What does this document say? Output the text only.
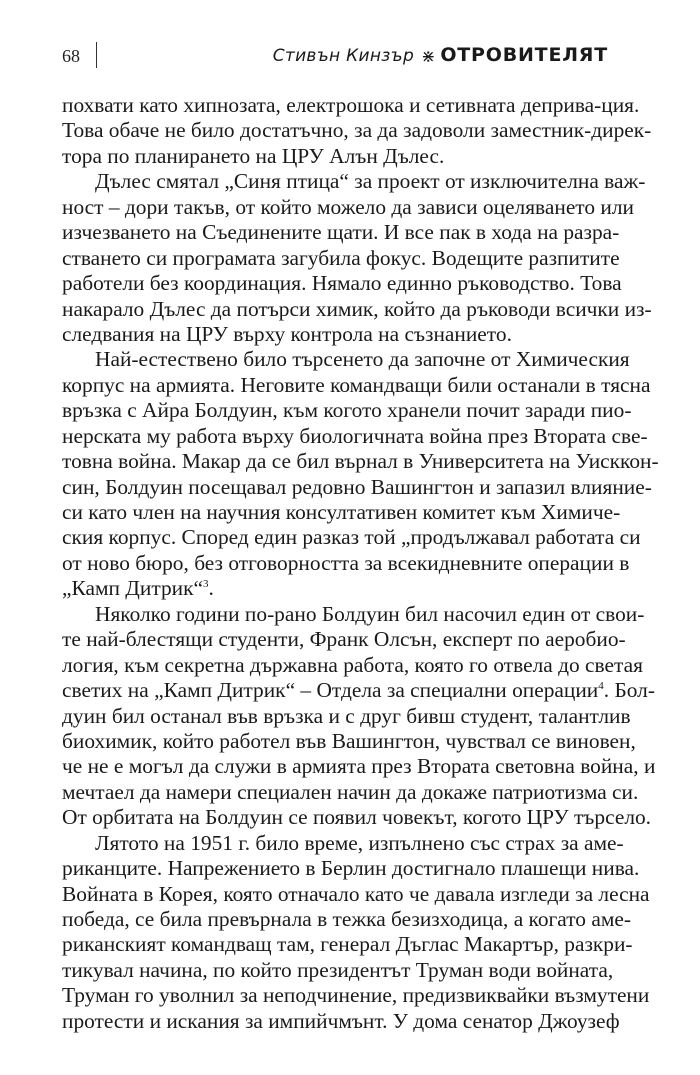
68	Стивън Кинзър ⋇ ОТРОВИТЕЛЯТ
похвати като хипнозата, електрошока и сетивната деприва-ция.
Това обаче не било достатъчно, за да задоволи заместник-дирек-
тора по планирането на ЦРУ Алън Дълес.
Дълес смятал „Синя птица“ за проект от изключителна важ-
ност – дори такъв, от който можело да зависи оцеляването или
изчезването на Съединените щати. И все пак в хода на разра-
стването си програмата загубила фокус. Водещите разпитите
работели без координация. Нямало единно ръководство. Това
накарало Дълес да потърси химик, който да ръководи всички из-
следвания на ЦРУ върху контрола на съзнанието.
Най-естествено било търсенето да започне от Химическия
корпус на армията. Неговите командващи били останали в тясна
връзка с Айра Болдуин, към когото хранели почит заради пио-
нерската му работа върху биологичната война през Втората све-
товна война. Макар да се бил върнал в Университета на Уисккон-
син, Болдуин посещавал редовно Вашингтон и запазил влияние-
си като член на научния консултативен комитет към Химиче-
ския корпус. Според един разказ той „продължавал работата си
от ново бюро, без отговорността за всекидневните операции в
„Камп Дитрик“$^3$.
Няколко години по-рано Болдуин бил насочил един от свои-
те най-блестящи студенти, Франк Олсън, експерт по аеробио-
логия, към секретна държавна работа, която го отвела до светая
светих на „Камп Дитрик“ – Отдела за специални операции$^4$. Бол-
дуин бил останал във връзка и с друг бивш студент, талантлив
биохимик, който работел във Вашингтон, чувствал се виновен,
че не е могъл да служи в армията през Втората световна война, и
мечтаел да намери специален начин да докаже патриотизма си.
От орбитата на Болдуин се появил човекът, когото ЦРУ търсело.
Лятото на 1951 г. било време, изпълнено със страх за аме-
риканците. Напрежението в Берлин достигнало плашещи нива.
Войната в Корея, която отначало като че давала изгледи за лесна
победа, се била превърнала в тежка безизходица, а когато аме-
риканският командващ там, генерал Дъглас Макартър, разкри-
тикувал начина, по който президентът Труман води войната,
Труман го уволнил за неподчинение, предизвиквайки възмутени
протести и искания за импийчмънт. У дома сенатор Джоузеф
